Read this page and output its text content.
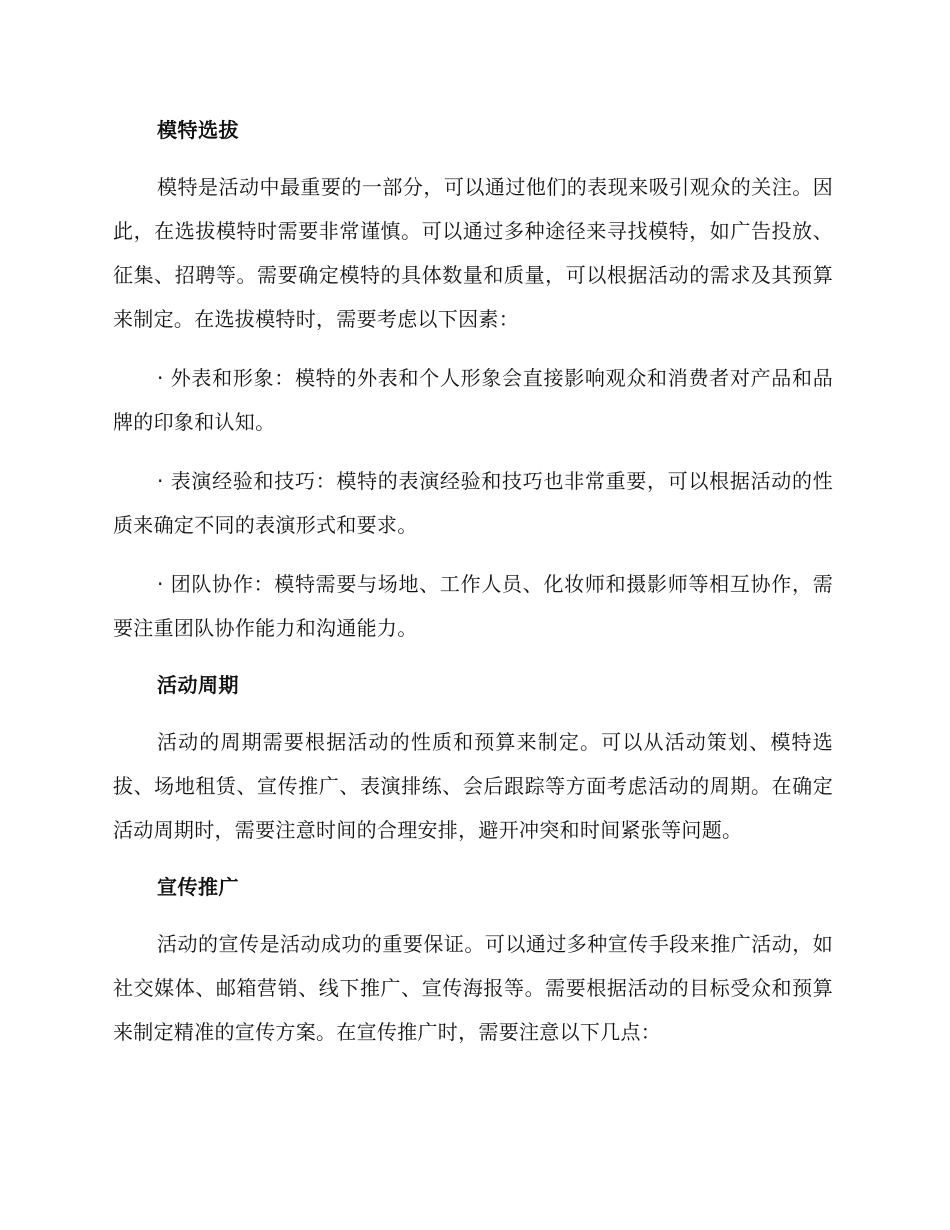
模特选拔

模特是活动中最重要的一部分，可以通过他们的表现来吸引观众的关注。因此，在选拔模特时需要非常谨慎。可以通过多种途径来寻找模特，如广告投放、征集、招聘等。需要确定模特的具体数量和质量，可以根据活动的需求及其预算来制定。在选拔模特时，需要考虑以下因素：

· 外表和形象：模特的外表和个人形象会直接影响观众和消费者对产品和品牌的印象和认知。

· 表演经验和技巧：模特的表演经验和技巧也非常重要，可以根据活动的性质来确定不同的表演形式和要求。

· 团队协作：模特需要与场地、工作人员、化妆师和摄影师等相互协作，需要注重团队协作能力和沟通能力。

活动周期

活动的周期需要根据活动的性质和预算来制定。可以从活动策划、模特选拔、场地租赁、宣传推广、表演排练、会后跟踪等方面考虑活动的周期。在确定活动周期时，需要注意时间的合理安排，避开冲突和时间紧张等问题。

宣传推广

活动的宣传是活动成功的重要保证。可以通过多种宣传手段来推广活动，如社交媒体、邮箱营销、线下推广、宣传海报等。需要根据活动的目标受众和预算来制定精准的宣传方案。在宣传推广时，需要注意以下几点：
